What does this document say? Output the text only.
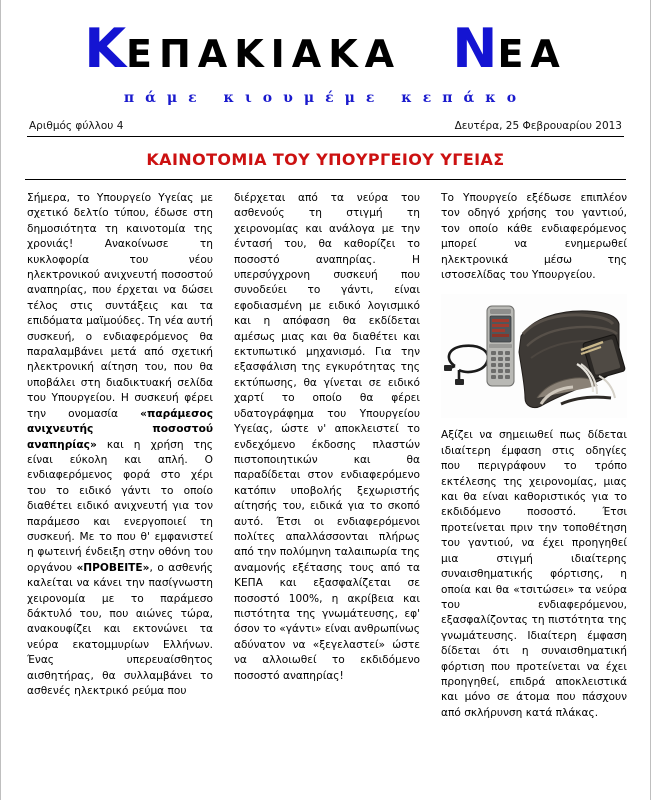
ΚΕΠΑΚΙΑΚΑ ΝΕΑ
πάμε κιουμέμε κεπάκο
Αριθμός φύλλου 4	Δευτέρα, 25 Φεβρουαρίου 2013
ΚΑΙΝΟΤΟΜΙΑ ΤΟΥ ΥΠΟΥΡΓΕΙΟΥ ΥΓΕΙΑΣ

Σήμερα, το Υπουργείο Υγείας με σχετικό δελτίο τύπου, έδωσε στη δημοσιότητα τη καινοτομία της χρονιάς! Ανακοίνωσε τη κυκλοφορία του νέου ηλεκτρονικού ανιχνευτή ποσοστού αναπηρίας, που έρχεται να δώσει τέλος στις συντάξεις και τα επιδόματα μαϊμούδες. Τη νέα αυτή συσκευή, ο ενδιαφερόμενος θα παραλαμβάνει μετά από σχετική ηλεκτρονική αίτηση του, που θα υποβάλει στη διαδικτυακή σελίδα του Υπουργείου. Η συσκευή φέρει την ονομασία «παράμεσος ανιχνευτής ποσοστού αναπηρίας» και η χρήση της είναι εύκολη και απλή. Ο ενδιαφερόμενος φορά στο χέρι του το ειδικό γάντι το οποίο διαθέτει ειδικό ανιχνευτή για τον παράμεσο και ενεργοποιεί τη συσκευή. Με το που θ' εμφανιστεί η φωτεινή ένδειξη στην οθόνη του οργάνου «ΠΡΟΒΕΙΤΕ», ο ασθενής καλείται να κάνει την πασίγνωστη χειρονομία με το παράμεσο δάκτυλό του, που αιώνες τώρα, ανακουφίζει και εκτονώνει τα νεύρα εκατομμυρίων Ελλήνων. Ένας υπερευαίσθητος αισθητήρας, θα συλλαμβάνει το ασθενές ηλεκτρικό ρεύμα που

διέρχεται από τα νεύρα του ασθενούς τη στιγμή τη χειρονομίας και ανάλογα με την έντασή του, θα καθορίζει το ποσοστό αναπηρίας. Η υπερσύγχρονη συσκευή που συνοδεύει το γάντι, είναι εφοδιασμένη με ειδικό λογισμικό και η απόφαση θα εκδίδεται αμέσως μιας και θα διαθέτει και εκτυπωτικό μηχανισμό. Για την εξασφάλιση της εγκυρότητας της εκτύπωσης, θα γίνεται σε ειδικό χαρτί το οποίο θα φέρει υδατογράφημα του Υπουργείου Υγείας, ώστε ν' αποκλειστεί το ενδεχόμενο έκδοσης πλαστών πιστοποιητικών και θα παραδίδεται στον ενδιαφερόμενο κατόπιν υποβολής ξεχωριστής αίτησής του, ειδικά για το σκοπό αυτό. Έτσι οι ενδιαφερόμενοι πολίτες απαλλάσσονται πλήρως από την πολύμηνη ταλαιπωρία της αναμονής εξέτασης τους από τα ΚΕΠΑ και εξασφαλίζεται σε ποσοστό 100%, η ακρίβεια και πιστότητα της γνωμάτευσης, εφ' όσον το «γάντι» είναι ανθρωπίνως αδύνατον να «ξεγελαστεί» ώστε να αλλοιωθεί το εκδιδόμενο ποσοστό αναπηρίας!

Το Υπουργείο εξέδωσε επιπλέον τον οδηγό χρήσης του γαντιού, τον οποίο κάθε ενδιαφερόμενος μπορεί να ενημερωθεί ηλεκτρονικά μέσω της ιστοσελίδας του Υπουργείου.

Αξίζει να σημειωθεί πως δίδεται ιδιαίτερη έμφαση στις οδηγίες που περιγράφουν το τρόπο εκτέλεσης της χειρονομίας, μιας και θα είναι καθοριστικός για το εκδιδόμενο ποσοστό. Έτσι προτείνεται πριν την τοποθέτηση του γαντιού, να έχει προηγηθεί μια στιγμή ιδιαίτερης συναισθηματικής φόρτισης, η οποία και θα «τσιτώσει» τα νεύρα του ενδιαφερόμενου, εξασφαλίζοντας τη πιστότητα της γνωμάτευσης. Ιδιαίτερη έμφαση δίδεται ότι η συναισθηματική φόρτιση που προτείνεται να έχει προηγηθεί, επιδρά αποκλειστικά και μόνο σε άτομα που πάσχουν από σκλήρυνση κατά πλάκας.
